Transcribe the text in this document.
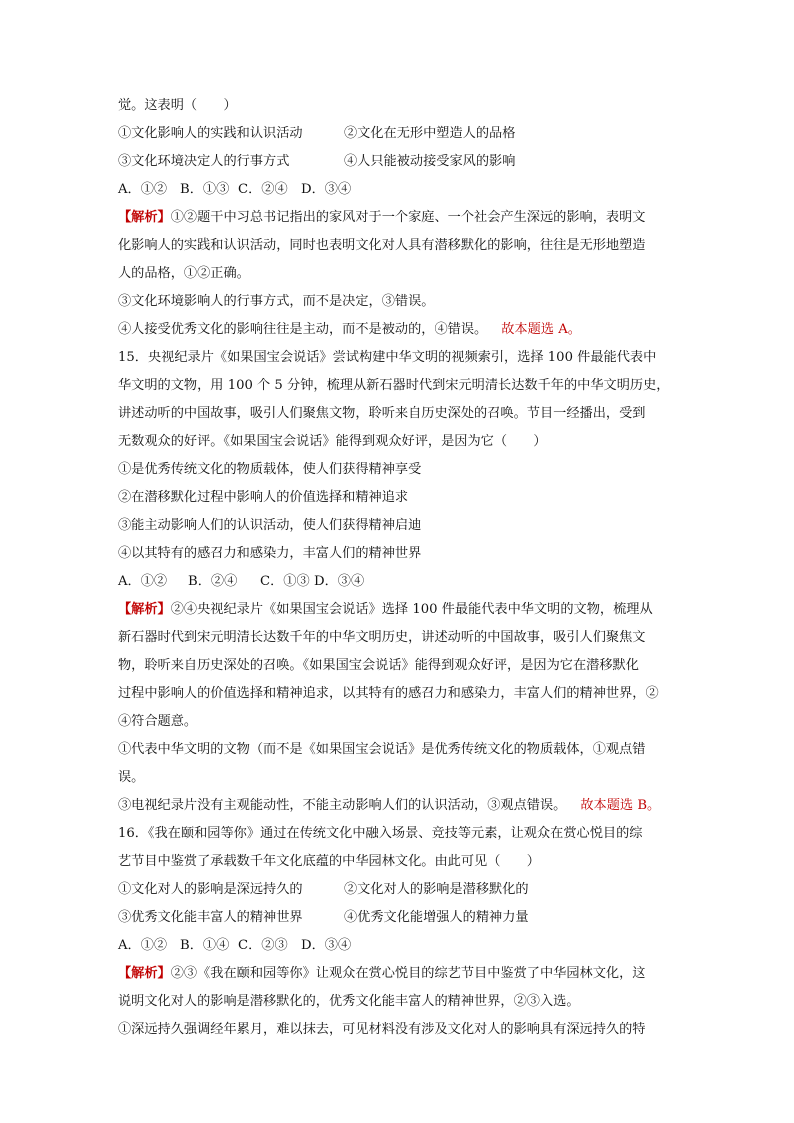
觉。这表明（　　）
①文化影响人的实践和认识活动	②文化在无形中塑造人的品格
③文化环境决定人的行事方式	④人只能被动接受家风的影响
A．①② B．①③ C．②④ D．③④
【解析】①②题干中习总书记指出的家风对于一个家庭、一个社会产生深远的影响，表明文
化影响人的实践和认识活动，同时也表明文化对人具有潜移默化的影响，往往是无形地塑造
人的品格，①②正确。
③文化环境影响人的行事方式，而不是决定，③错误。
④人接受优秀文化的影响往往是主动，而不是被动的，④错误。 故本题选 A。
15．央视纪录片《如果国宝会说话》尝试构建中华文明的视频索引，选择 100 件最能代表中
华文明的文物，用 100 个 5 分钟，梳理从新石器时代到宋元明清长达数千年的中华文明历史，
讲述动听的中国故事，吸引人们聚焦文物，聆听来自历史深处的召唤。节目一经播出，受到
无数观众的好评。《如果国宝会说话》能得到观众好评，是因为它（　　）
①是优秀传统文化的物质载体，使人们获得精神享受
②在潜移默化过程中影响人的价值选择和精神追求
③能主动影响人们的认识活动，使人们获得精神启迪
④以其特有的感召力和感染力，丰富人们的精神世界
A．①② B．②④ C．①③ D．③④
【解析】②④央视纪录片《如果国宝会说话》选择 100 件最能代表中华文明的文物，梳理从
新石器时代到宋元明清长达数千年的中华文明历史，讲述动听的中国故事，吸引人们聚焦文
物，聆听来自历史深处的召唤。《如果国宝会说话》能得到观众好评，是因为它在潜移默化
过程中影响人的价值选择和精神追求，以其特有的感召力和感染力，丰富人们的精神世界，②
④符合题意。
①代表中华文明的文物（而不是《如果国宝会说话》是优秀传统文化的物质载体，①观点错
误。
③电视纪录片没有主观能动性，不能主动影响人们的认识活动，③观点错误。 故本题选 B。
16．《我在颐和园等你》通过在传统文化中融入场景、竞技等元素，让观众在赏心悦目的综
艺节目中鉴赏了承载数千年文化底蕴的中华园林文化。由此可见（　　）
①文化对人的影响是深远持久的	②文化对人的影响是潜移默化的
③优秀文化能丰富人的精神世界	④优秀文化能增强人的精神力量
A．①② B．①④ C．②③ D．③④
【解析】②③《我在颐和园等你》让观众在赏心悦目的综艺节目中鉴赏了中华园林文化，这
说明文化对人的影响是潜移默化的，优秀文化能丰富人的精神世界，②③入选。
①深远持久强调经年累月，难以抹去，可见材料没有涉及文化对人的影响具有深远持久的特
